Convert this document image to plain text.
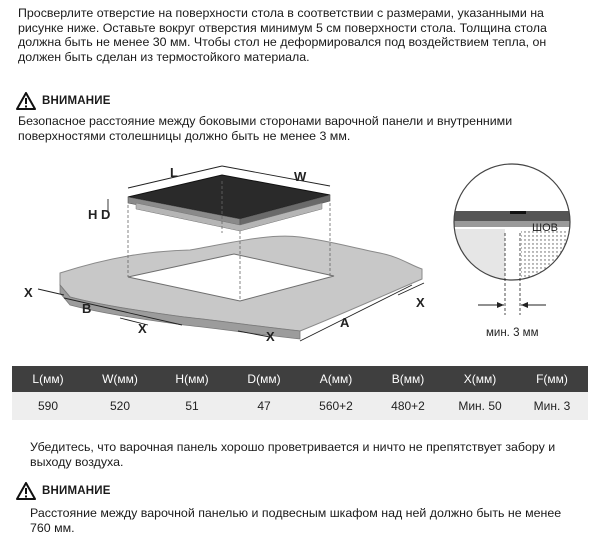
Просверлите отверстие на поверхности стола в соответствии с размерами, указанными на рисунке ниже. Оставьте вокруг отверстия минимум 5 см поверхности стола. Толщина стола должна быть не менее 30 мм. Чтобы стол не деформировался под воздействием тепла, он должен быть сделан из термостойкого материала.
ВНИМАНИЕ
Безопасное расстояние между боковыми сторонами варочной панели и внутренними поверхностями столешницы должно быть не менее 3 мм.
L	W
H D
B
A
X
X
X
X
ШОВ
мин. 3 мм
L(мм)	W(мм)	H(мм)	D(мм)	A(мм)	B(мм)	X(мм)	F(мм)
590	520	51	47	560+2	480+2	Мин. 50	Мин. 3
Убедитесь, что варочная панель хорошо проветривается и ничто не препятствует забору и выходу воздуха.
ВНИМАНИЕ
Расстояние между варочной панелью и подвесным шкафом над ней должно быть не менее 760 мм.
